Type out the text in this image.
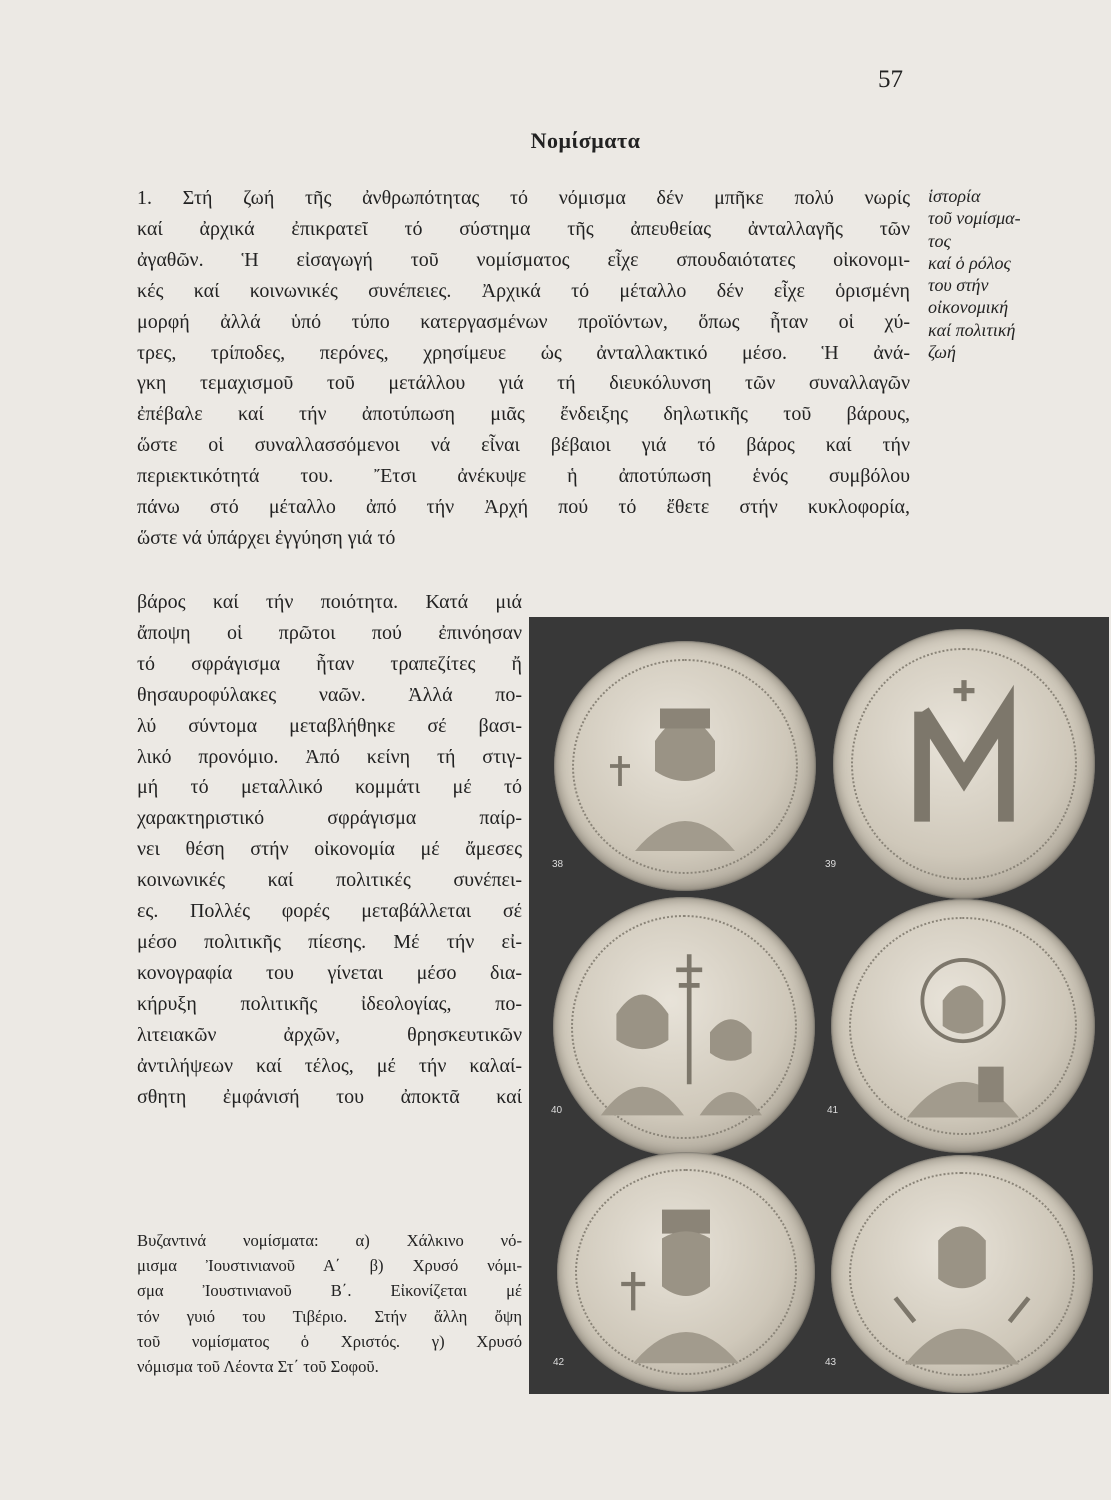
57
Νομίσματα
1. Στή ζωή τῆς ἀνθρωπότητας τό νόμισμα δέν μπῆκε πολύ νωρίς
καί ἀρχικά ἐπικρατεῖ τό σύστημα τῆς ἀπευθείας ἀνταλλαγῆς τῶν
ἀγαθῶν. Ἡ εἰσαγωγή τοῦ νομίσματος εἶχε σπουδαιότατες οἰκονομι-
κές καί κοινωνικές συνέπειες. Ἀρχικά τό μέταλλο δέν εἶχε ὁρισμένη
μορφή ἀλλά ὑπό τύπο κατεργασμένων προϊόντων, ὅπως ἦταν οἱ χύ-
τρες, τρίποδες, περόνες, χρησίμευε ὡς ἀνταλλακτικό μέσο. Ἡ ἀνά-
γκη τεμαχισμοῦ τοῦ μετάλλου γιά τή διευκόλυνση τῶν συναλλαγῶν
ἐπέβαλε καί τήν ἀποτύπωση μιᾶς ἔνδειξης δηλωτικῆς τοῦ βάρους,
ὥστε οἱ συναλλασσόμενοι νά εἶναι βέβαιοι γιά τό βάρος καί τήν
περιεκτικότητά του. Ἔτσι ἀνέκυψε ἡ ἀποτύπωση ἑνός συμβόλου
πάνω στό μέταλλο ἀπό τήν Ἀρχή πού τό ἔθετε στήν κυκλοφορία,
ὥστε νά ὑπάρχει ἐγγύηση γιά τό
βάρος καί τήν ποιότητα. Κατά μιά
ἄποψη οἱ πρῶτοι πού ἐπινόησαν
τό σφράγισμα ἦταν τραπεζίτες ἤ
θησαυροφύλακες ναῶν. Ἀλλά πο-
λύ σύντομα μεταβλήθηκε σέ βασι-
λικό προνόμιο. Ἀπό κείνη τή στιγ-
μή τό μεταλλικό κομμάτι μέ τό
χαρακτηριστικό σφράγισμα παίρ-
νει θέση στήν οἰκονομία μέ ἄμεσες
κοινωνικές καί πολιτικές συνέπει-
ες. Πολλές φορές μεταβάλλεται σέ
μέσο πολιτικῆς πίεσης. Μέ τήν εἰ-
κονογραφία του γίνεται μέσο δια-
κήρυξη πολιτικῆς ἰδεολογίας, πο-
λιτειακῶν ἀρχῶν, θρησκευτικῶν
ἀντιλήψεων καί τέλος, μέ τήν καλαί-
σθητη ἐμφάνισή του ἀποκτᾶ καί
ἱστορία
τοῦ νομίσμα-
τος
καί ὁ ρόλος
του στήν
οἰκονομική
καί πολιτική
ζωή
Βυζαντινά νομίσματα: α) Χάλκινο νό-
μισμα Ἰουστινιανοῦ Α΄ β) Χρυσό νόμι-
σμα Ἰουστινιανοῦ Β΄. Εἰκονίζεται μέ
τόν γυιό του Τιβέριο. Στήν ἄλλη ὄψη
τοῦ νομίσματος ὁ Χριστός. γ) Χρυσό
νόμισμα τοῦ Λέοντα Στ΄ τοῦ Σοφοῦ.
38	39
40	41
42	43
